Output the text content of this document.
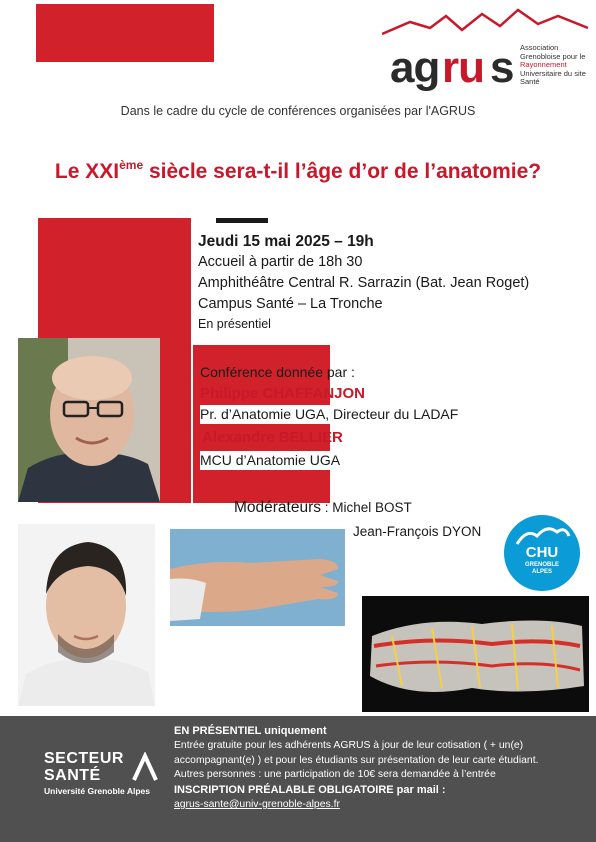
ag ru s Association
Grenobloise pour le
Rayonnement
Universitaire du site
Santé
Dans le cadre du cycle de conférences organisées par l'AGRUS
Le XXIème siècle sera-t-il l’âge d’or de l’anatomie?
Jeudi 15 mai 2025 – 19h
Accueil à partir de 18h 30
Amphithéâtre Central R. Sarrazin (Bat. Jean Roget)
Campus Santé – La Tronche
En présentiel
Conférence donnée par :
Philippe CHAFFANJON
Pr. d’Anatomie UGA, Directeur du LADAF
Alexandre BELLIER
MCU d’Anatomie UGA
Modérateurs : Michel BOST
Jean-François DYON
CHU
GRENOBLE
ALPES
SECTEUR
SANTÉ
Université Grenoble Alpes
EN PRÉSENTIEL uniquement
Entrée gratuite pour les adhérents AGRUS à jour de leur cotisation ( + un(e) accompagnant(e) ) et pour les étudiants sur présentation de leur carte étudiant.
Autres personnes : une participation de 10€ sera demandée à l’entrée
INSCRIPTION PRÉALABLE OBLIGATOIRE par mail :
agrus-sante@univ-grenoble-alpes.fr
